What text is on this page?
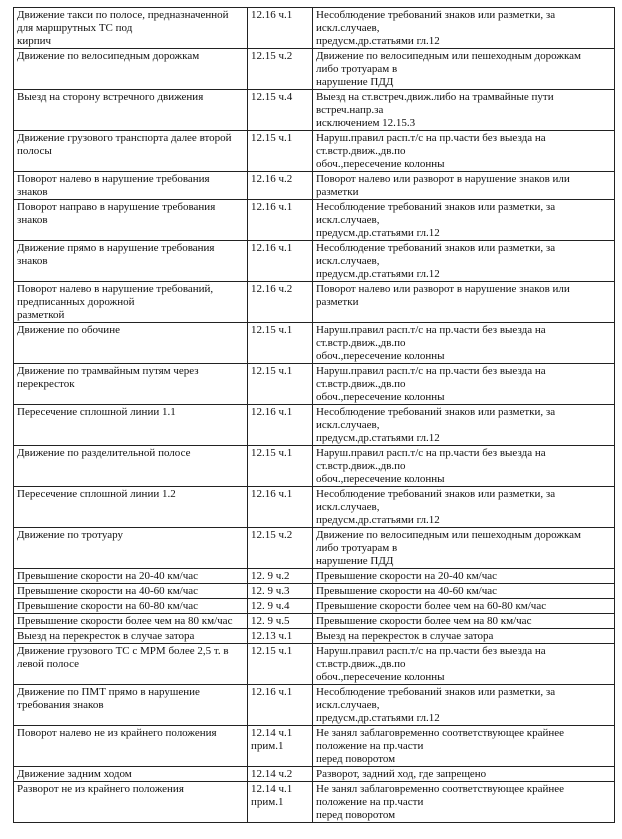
Движение такси по полосе, предназначенной
для маршрутных ТС под
кирпич	12.16 ч.1	Несоблюдение требований знаков или разметки, за
искл.случаев,
предусм.др.статьями гл.12
Движение по велосипедным дорожкам	12.15 ч.2	Движение по велосипедным или пешеходным дорожкам
либо тротуарам в
нарушение ПДД
Выезд на сторону встречного движения	12.15 ч.4	Выезд на ст.встреч.движ.либо на трамвайные пути
встреч.напр.за
исключением 12.15.3
Движение грузового транспорта далее второй
полосы	12.15 ч.1	Наруш.правил расп.т/с на пр.части без выезда на
ст.встр.движ.,дв.по
обоч.,пересечение колонны
Поворот налево в нарушение требования
знаков	12.16 ч.2	Поворот налево или разворот в нарушение знаков или
разметки
Поворот направо в нарушение требования
знаков	12.16 ч.1	Несоблюдение требований знаков или разметки, за
искл.случаев,
предусм.др.статьями гл.12
Движение прямо в нарушение требования
знаков	12.16 ч.1	Несоблюдение требований знаков или разметки, за
искл.случаев,
предусм.др.статьями гл.12
Поворот налево в нарушение требований,
предписанных дорожной
разметкой	12.16 ч.2	Поворот налево или разворот в нарушение знаков или
разметки
Движение по обочине	12.15 ч.1	Наруш.правил расп.т/с на пр.части без выезда на
ст.встр.движ.,дв.по
обоч.,пересечение колонны
Движение по трамвайным путям через
перекресток	12.15 ч.1	Наруш.правил расп.т/с на пр.части без выезда на
ст.встр.движ.,дв.по
обоч.,пересечение колонны
Пересечение сплошной линии 1.1	12.16 ч.1	Несоблюдение требований знаков или разметки, за
искл.случаев,
предусм.др.статьями гл.12
Движение по разделительной полосе	12.15 ч.1	Наруш.правил расп.т/с на пр.части без выезда на
ст.встр.движ.,дв.по
обоч.,пересечение колонны
Пересечение сплошной линии 1.2	12.16 ч.1	Несоблюдение требований знаков или разметки, за
искл.случаев,
предусм.др.статьями гл.12
Движение по тротуару	12.15 ч.2	Движение по велосипедным или пешеходным дорожкам
либо тротуарам в
нарушение ПДД
Превышение скорости на 20-40 км/час	12. 9 ч.2	Превышение скорости на 20-40 км/час
Превышение скорости на 40-60 км/час	12. 9 ч.3	Превышение скорости на 40-60 км/час
Превышение скорости на 60-80 км/час	12. 9 ч.4	Превышение скорости более чем на 60-80 км/час
Превышение скорости более чем на 80 км/час	12. 9 ч.5	Превышение скорости более чем на 80 км/час
Выезд на перекресток в случае затора	12.13 ч.1	Выезд на перекресток в случае затора
Движение грузового ТС с МРМ более 2,5 т. в
левой полосе	12.15 ч.1	Наруш.правил расп.т/с на пр.части без выезда на
ст.встр.движ.,дв.по
обоч.,пересечение колонны
Движение по ПМТ прямо в нарушение
требования знаков	12.16 ч.1	Несоблюдение требований знаков или разметки, за
искл.случаев,
предусм.др.статьями гл.12
Поворот налево не из крайнего положения	12.14 ч.1
прим.1	Не занял заблаговременно соответствующее крайнее
положение на пр.части
перед поворотом
Движение задним ходом	12.14 ч.2	Разворот, задний ход, где запрещено
Разворот не из крайнего положения	12.14 ч.1
прим.1	Не занял заблаговременно соответствующее крайнее
положение на пр.части
перед поворотом
